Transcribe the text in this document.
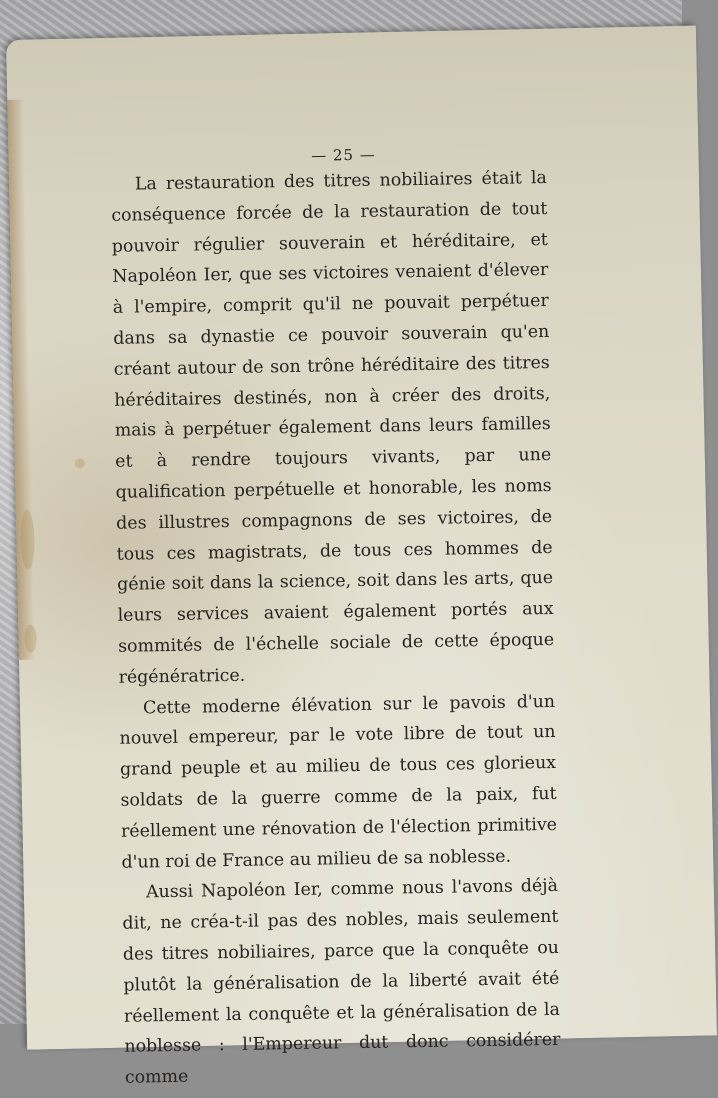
— 25 —

La restauration des titres nobiliaires était la conséquence forcée de la restauration de tout pouvoir régulier souverain et héréditaire, et Napoléon Ier, que ses victoires venaient d'élever à l'empire, comprit qu'il ne pouvait perpétuer dans sa dynastie ce pouvoir souverain qu'en créant autour de son trône héréditaire des titres héréditaires destinés, non à créer des droits, mais à perpétuer également dans leurs familles et à rendre toujours vivants, par une qualification perpétuelle et honorable, les noms des illustres compagnons de ses victoires, de tous ces magistrats, de tous ces hommes de génie soit dans la science, soit dans les arts, que leurs services avaient également portés aux sommités de l'échelle sociale de cette époque régénératrice.

Cette moderne élévation sur le pavois d'un nouvel empereur, par le vote libre de tout un grand peuple et au milieu de tous ces glorieux soldats de la guerre comme de la paix, fut réellement une rénovation de l'élection primitive d'un roi de France au milieu de sa noblesse.

Aussi Napoléon Ier, comme nous l'avons déjà dit, ne créa-t-il pas des nobles, mais seulement des titres nobiliaires, parce que la conquête ou plutôt la généralisation de la liberté avait été réellement la conquête et la généralisation de la noblesse : l'Empereur dut donc considérer comme
